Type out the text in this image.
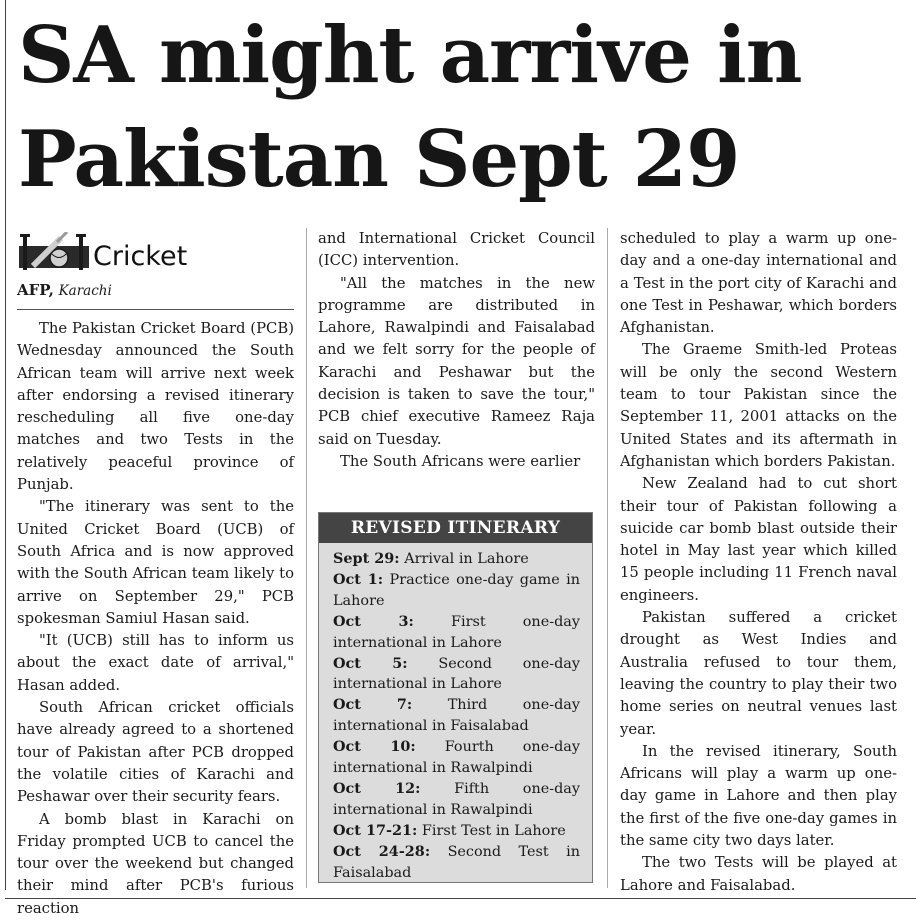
SA might arrive in Pakistan Sept 29
Cricket
AFP, Karachi

The Pakistan Cricket Board (PCB) Wednesday announced the South African team will arrive next week after endorsing a revised itinerary rescheduling all five one-day matches and two Tests in the relatively peaceful province of Punjab.

"The itinerary was sent to the United Cricket Board (UCB) of South Africa and is now approved with the South African team likely to arrive on September 29," PCB spokesman Samiul Hasan said.

"It (UCB) still has to inform us about the exact date of arrival," Hasan added.

South African cricket officials have already agreed to a shortened tour of Pakistan after PCB dropped the volatile cities of Karachi and Peshawar over their security fears.

A bomb blast in Karachi on Friday prompted UCB to cancel the tour over the weekend but changed their mind after PCB's furious reaction

and International Cricket Council (ICC) intervention.

"All the matches in the new programme are distributed in Lahore, Rawalpindi and Faisalabad and we felt sorry for the people of Karachi and Peshawar but the decision is taken to save the tour," PCB chief executive Rameez Raja said on Tuesday.

The South Africans were earlier

REVISED ITINERARY

Sept 29: Arrival in Lahore

Oct 1: Practice one-day game in Lahore

Oct 3:	First one-day international in Lahore

Oct 5: Second one-day international in Lahore

Oct 7: Third one-day international in Faisalabad

Oct 10: Fourth one-day international in Rawalpindi

Oct 12: Fifth one-day international in Rawalpindi

Oct 17-21: First Test in Lahore

Oct 24-28: Second Test in Faisalabad

scheduled to play a warm up one-day and a one-day international and a Test in the port city of Karachi and one Test in Peshawar, which borders Afghanistan.

The Graeme Smith-led Proteas will be only the second Western team to tour Pakistan since the September 11, 2001 attacks on the United States and its aftermath in Afghanistan which borders Pakistan.

New Zealand had to cut short their tour of Pakistan following a suicide car bomb blast outside their hotel in May last year which killed 15 people including 11 French naval engineers.

Pakistan suffered a cricket drought as West Indies and Australia refused to tour them, leaving the country to play their two home series on neutral venues last year.

In the revised itinerary, South Africans will play a warm up one-day game in Lahore and then play the first of the five one-day games in the same city two days later.

The two Tests will be played at Lahore and Faisalabad.
